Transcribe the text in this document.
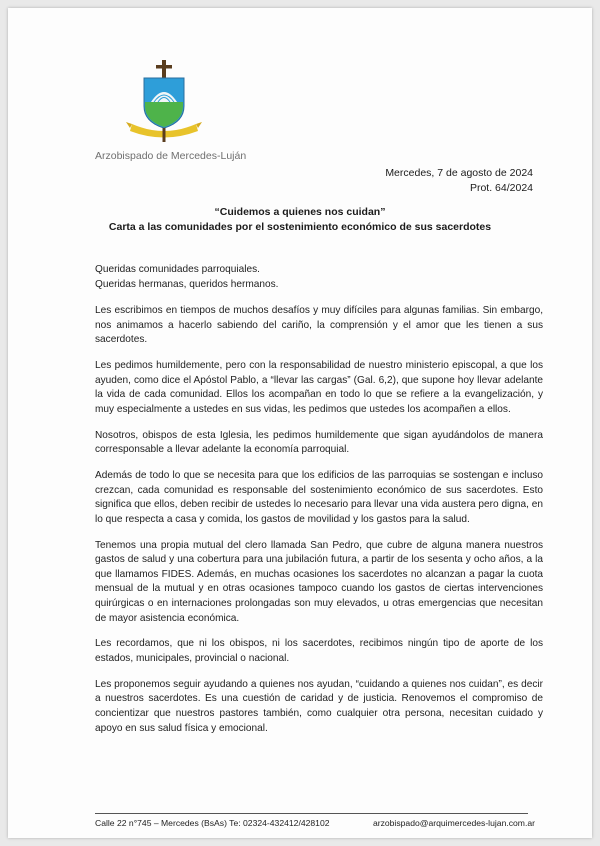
Arzobispado de Mercedes-Luján
Mercedes, 7 de agosto de 2024
Prot. 64/2024
“Cuidemos a quienes nos cuidan”
Carta a las comunidades por el sostenimiento económico de sus sacerdotes
Queridas comunidades parroquiales.
Queridas hermanas, queridos hermanos.

Les escribimos en tiempos de muchos desafíos y muy difíciles para algunas familias. Sin embargo, nos animamos a hacerlo sabiendo del cariño, la comprensión y el amor que les tienen a sus sacerdotes.

Les pedimos humildemente, pero con la responsabilidad de nuestro ministerio episcopal, a que los ayuden, como dice el Apóstol Pablo, a “llevar las cargas” (Gal. 6,2), que supone hoy llevar adelante la vida de cada comunidad. Ellos los acompañan en todo lo que se refiere a la evangelización, y muy especialmente a ustedes en sus vidas, les pedimos que ustedes los acompañen a ellos.

Nosotros, obispos de esta Iglesia, les pedimos humildemente que sigan ayudándolos de manera corresponsable a llevar adelante la economía parroquial.

Además de todo lo que se necesita para que los edificios de las parroquias se sostengan e incluso crezcan, cada comunidad es responsable del sostenimiento económico de sus sacerdotes. Esto significa que ellos, deben recibir de ustedes lo necesario para llevar una vida austera pero digna, en lo que respecta a casa y comida, los gastos de movilidad y los gastos para la salud.

Tenemos una propia mutual del clero llamada San Pedro, que cubre de alguna manera nuestros gastos de salud y una cobertura para una jubilación futura, a partir de los sesenta y ocho años, a la que llamamos FIDES. Además, en muchas ocasiones los sacerdotes no alcanzan a pagar la cuota mensual de la mutual y en otras ocasiones tampoco cuando los gastos de ciertas intervenciones quirúrgicas o en internaciones prolongadas son muy elevados, u otras emergencias que necesitan de mayor asistencia económica.

Les recordamos, que ni los obispos, ni los sacerdotes, recibimos ningún tipo de aporte de los estados, municipales, provincial o nacional.

Les proponemos seguir ayudando a quienes nos ayudan, “cuidando a quienes nos cuidan”, es decir a nuestros sacerdotes. Es una cuestión de caridad y de justicia. Renovemos el compromiso de concientizar que nuestros pastores también, como cualquier otra persona, necesitan cuidado y apoyo en sus salud física y emocional.

Calle 22 n°745 – Mercedes (BsAs) Te: 02324-432412/428102	arzobispado@arquimercedes-lujan.com.ar
